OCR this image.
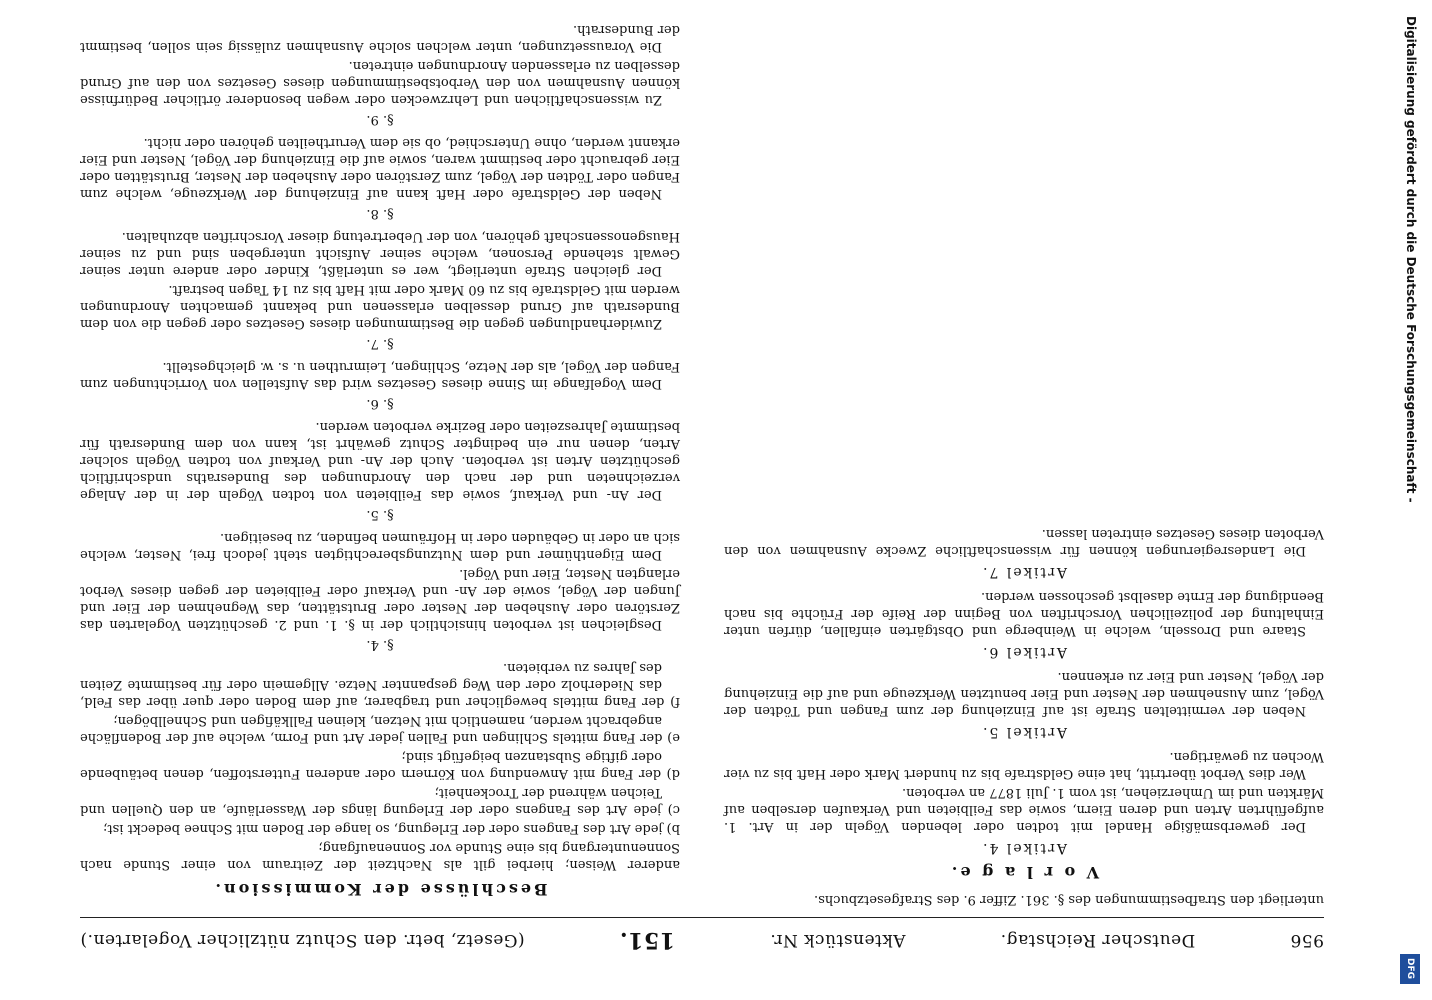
956
Deutscher Reichstag.
Aktenstück Nr.
151.
(Gesetz, betr. den Schutz nützlicher Vogelarten.)

unterliegt den Strafbestimmungen des §. 361. Ziffer 9. des Strafgesetzbuchs.

V o r l a g e.

Artikel 4.

Der gewerbsmäßige Handel mit todten oder lebenden Vögeln der in Art. 1. aufgeführten Arten und deren Eiern, sowie das Feilbieten und Verkaufen derselben auf Märkten und im Umherziehen, ist vom 1. Juli 1877 an verboten.

Wer dies Verbot übertritt, hat eine Geldstrafe bis zu hundert Mark oder Haft bis zu vier Wochen zu gewärtigen.

Artikel 5.

Neben der vermittelten Strafe ist auf Einziehung der zum Fangen und Tödten der Vögel, zum Ausnehmen der Nester und Eier benutzten Werkzeuge und auf die Einziehung der Vögel, Nester und Eier zu erkennen.

Artikel 6.

Staare und Drosseln, welche in Weinberge und Obstgärten einfallen, dürfen unter Einhaltung der polizeilichen Vorschriften von Beginn der Reife der Früchte bis nach Beendigung der Ernte daselbst geschossen werden.

Artikel 7.

Die Landesregierungen können für wissenschaftliche Zwecke Ausnahmen von den Verboten dieses Gesetzes eintreten lassen.

Beschlüsse der Kommission.

anderer Weisen; hierbei gilt als Nachtzeit der Zeitraum von einer Stunde nach Sonnenuntergang bis eine Stunde vor Sonnenaufgang;

b) jede Art des Fangens oder der Erlegung, so lange der Boden mit Schnee bedeckt ist;

c) jede Art des Fangens oder der Erlegung längs der Wasserläufe, an den Quellen und Teichen während der Trockenheit;

d) der Fang mit Anwendung von Körnern oder anderen Futterstoffen, denen betäubende oder giftige Substanzen beigefügt sind;

e) der Fang mittels Schlingen und Fallen jeder Art und Form, welche auf der Bodenfläche angebracht werden, namentlich mit Netzen, kleinen Fallkäfigen und Schnellbögen;

f) der Fang mittels beweglicher und tragbarer, auf dem Boden oder quer über das Feld, das Niederholz oder den Weg gespannter Netze. Allgemein oder für bestimmte Zeiten des Jahres zu verbieten.

§. 4.

Desgleichen ist verboten hinsichtlich der in §. 1. und 2. geschützten Vogelarten das Zerstören oder Ausheben der Nester oder Brutstätten, das Wegnehmen der Eier und Jungen der Vögel, sowie der An- und Verkauf oder Feilbieten der gegen dieses Verbot erlangten Nester, Eier und Vögel.

Dem Eigenthümer und dem Nutzungsberechtigten steht jedoch frei, Nester, welche sich an oder in Gebäuden oder in Hofräumen befinden, zu beseitigen.

§. 5.

Der An- und Verkauf, sowie das Feilbieten von todten Vögeln der in der Anlage verzeichneten und der nach den Anordnungen des Bundesraths undschriftlich geschützten Arten ist verboten. Auch der An- und Verkauf von todten Vögeln solcher Arten, denen nur ein bedingter Schutz gewährt ist, kann von dem Bundesrath für bestimmte Jahreszeiten oder Bezirke verboten werden.

§. 6.

Dem Vogelfange im Sinne dieses Gesetzes wird das Aufstellen von Vorrichtungen zum Fangen der Vögel, als der Netze, Schlingen, Leimruthen u. s. w. gleichgestellt.

§. 7.

Zuwiderhandlungen gegen die Bestimmungen dieses Gesetzes oder gegen die von dem Bundesrath auf Grund desselben erlassenen und bekannt gemachten Anordnungen werden mit Geldstrafe bis zu 60 Mark oder mit Haft bis zu 14 Tagen bestraft.

Der gleichen Strafe unterliegt, wer es unterläßt, Kinder oder andere unter seiner Gewalt stehende Personen, welche seiner Aufsicht untergeben sind und zu seiner Hausgenossenschaft gehören, von der Uebertretung dieser Vorschriften abzuhalten.

§. 8.

Neben der Geldstrafe oder Haft kann auf Einziehung der Werkzeuge, welche zum Fangen oder Tödten der Vögel, zum Zerstören oder Ausheben der Nester, Brutstätten oder Eier gebraucht oder bestimmt waren, sowie auf die Einziehung der Vögel, Nester und Eier erkannt werden, ohne Unterschied, ob sie dem Verurtheilten gehören oder nicht.

§. 9.

Zu wissenschaftlichen und Lehrzwecken oder wegen besonderer örtlicher Bedürfnisse können Ausnahmen von den Verbotsbestimmungen dieses Gesetzes von den auf Grund desselben zu erlassenden Anordnungen eintreten.

Die Voraussetzungen, unter welchen solche Ausnahmen zulässig sein sollen, bestimmt der Bundesrath.	Digitalisierung gefördert durch die Deutsche Forschungsgemeinschaft -
DFG
